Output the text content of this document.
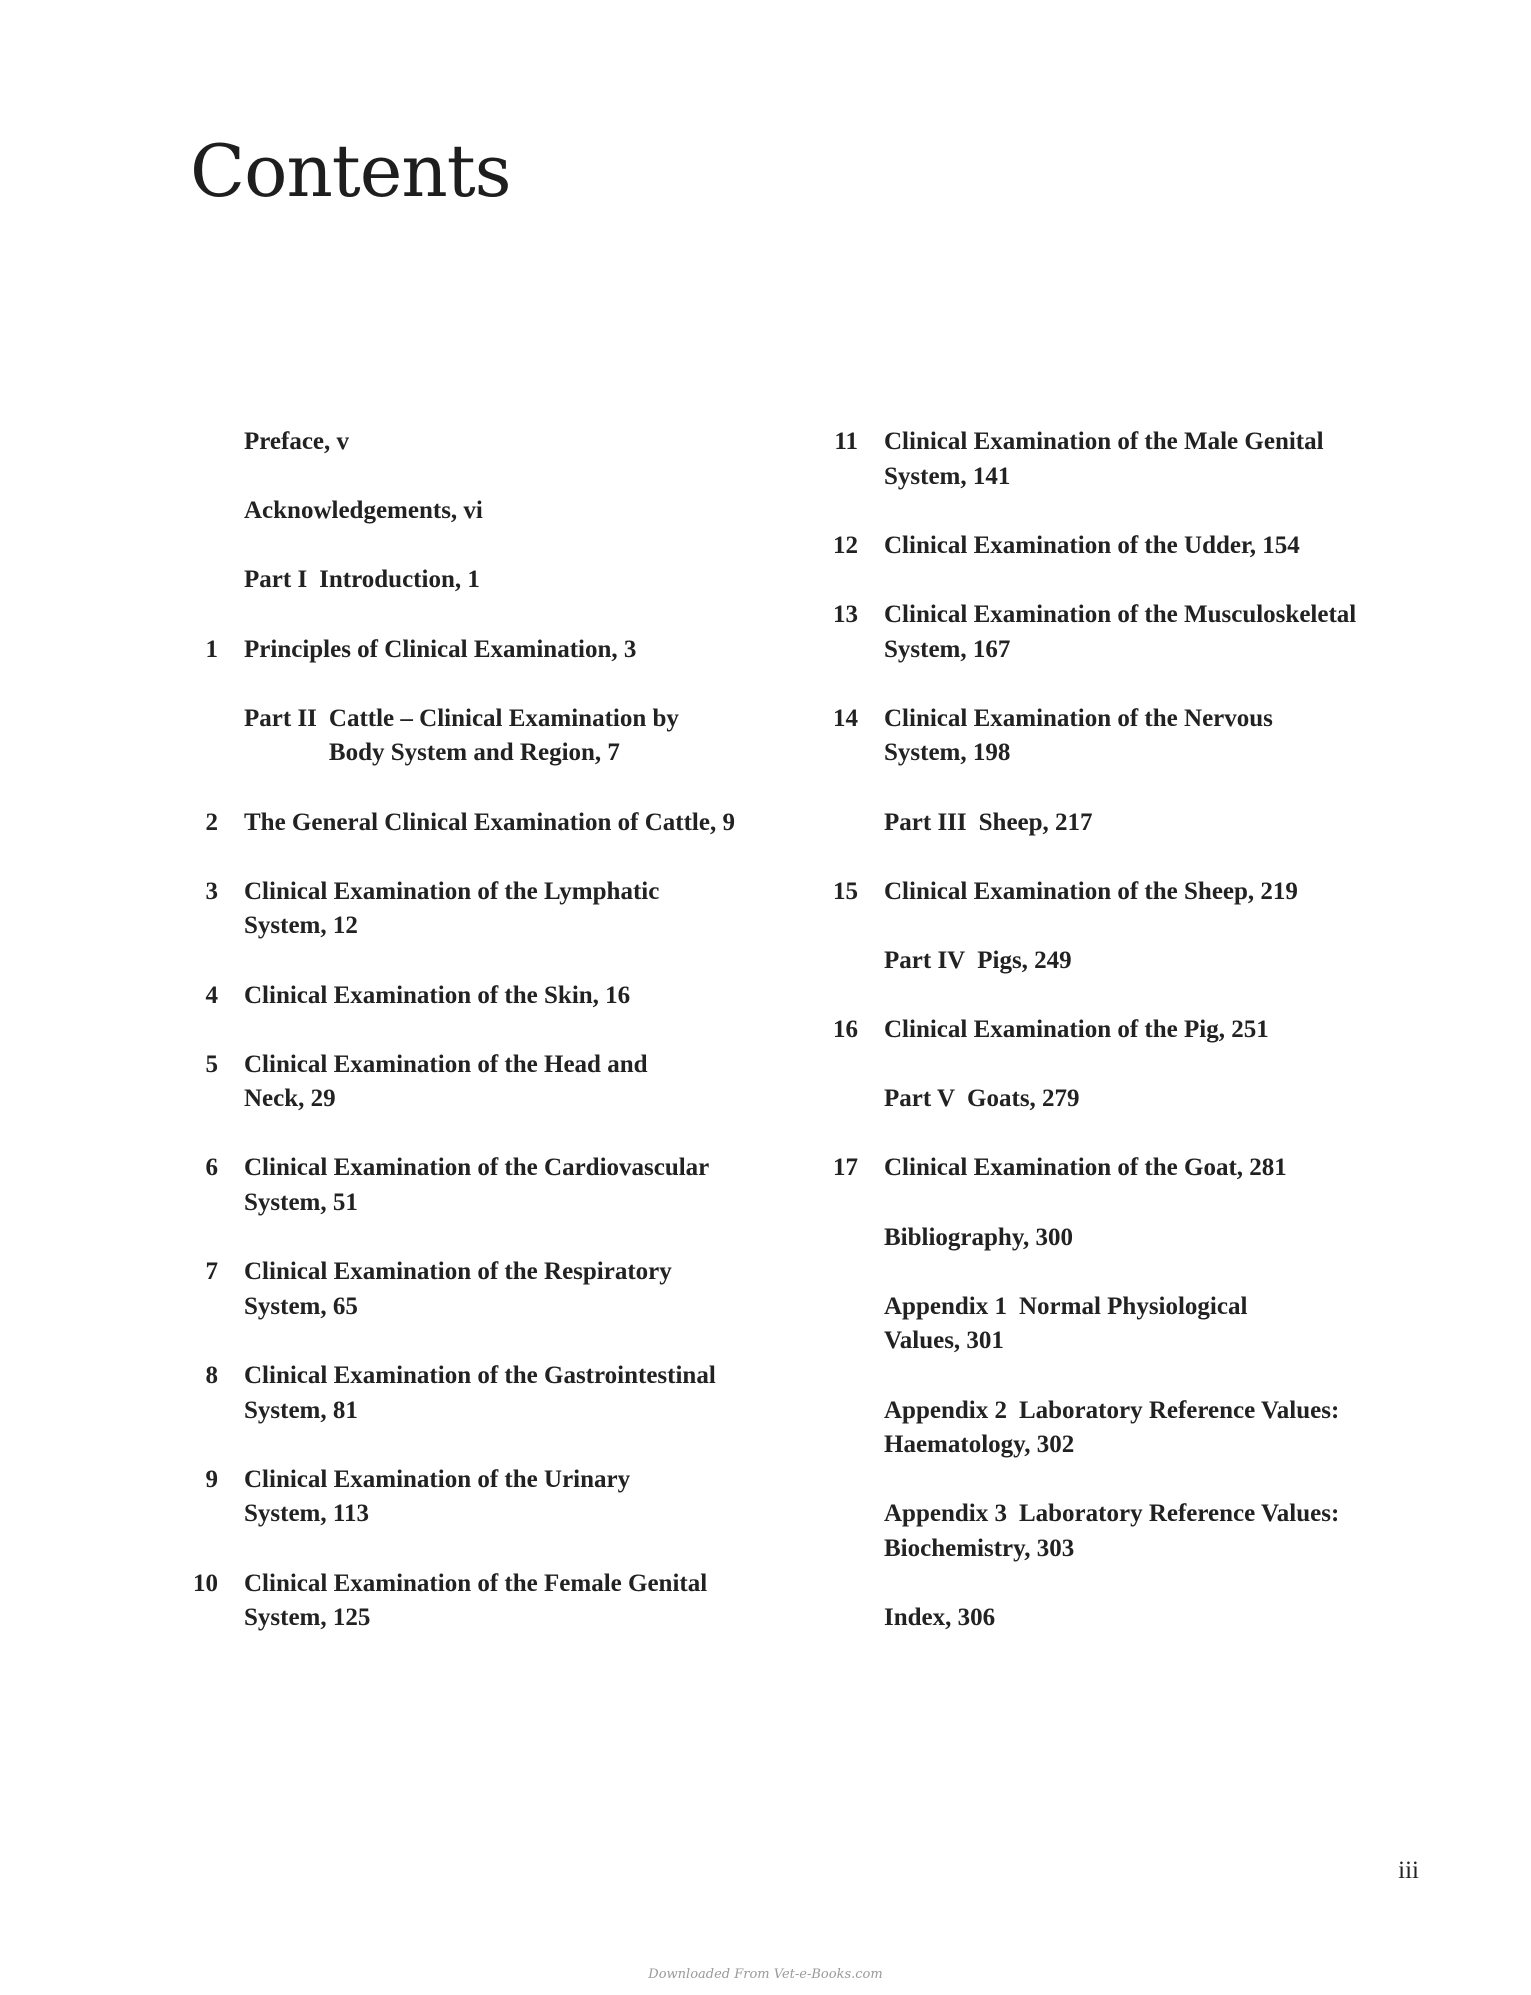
Contents
Preface, v
Acknowledgements, vi
Part I Introduction, 1
1 Principles of Clinical Examination, 3
Part II Cattle – Clinical Examination by
Body System and Region, 7
2 The General Clinical Examination of Cattle, 9
3 Clinical Examination of the Lymphatic
System, 12
4 Clinical Examination of the Skin, 16
5 Clinical Examination of the Head and
Neck, 29
6 Clinical Examination of the Cardiovascular
System, 51
7 Clinical Examination of the Respiratory
System, 65
8 Clinical Examination of the Gastrointestinal
System, 81
9 Clinical Examination of the Urinary
System, 113
10 Clinical Examination of the Female Genital
System, 125
11 Clinical Examination of the Male Genital
System, 141
12 Clinical Examination of the Udder, 154
13 Clinical Examination of the Musculoskeletal
System, 167
14 Clinical Examination of the Nervous
System, 198
Part III Sheep, 217
15 Clinical Examination of the Sheep, 219
Part IV Pigs, 249
16 Clinical Examination of the Pig, 251
Part V Goats, 279
17 Clinical Examination of the Goat, 281
Bibliography, 300
Appendix 1 Normal Physiological
Values, 301
Appendix 2 Laboratory Reference Values:
Haematology, 302
Appendix 3 Laboratory Reference Values:
Biochemistry, 303
Index, 306
iii
Downloaded From Vet-e-Books.com
